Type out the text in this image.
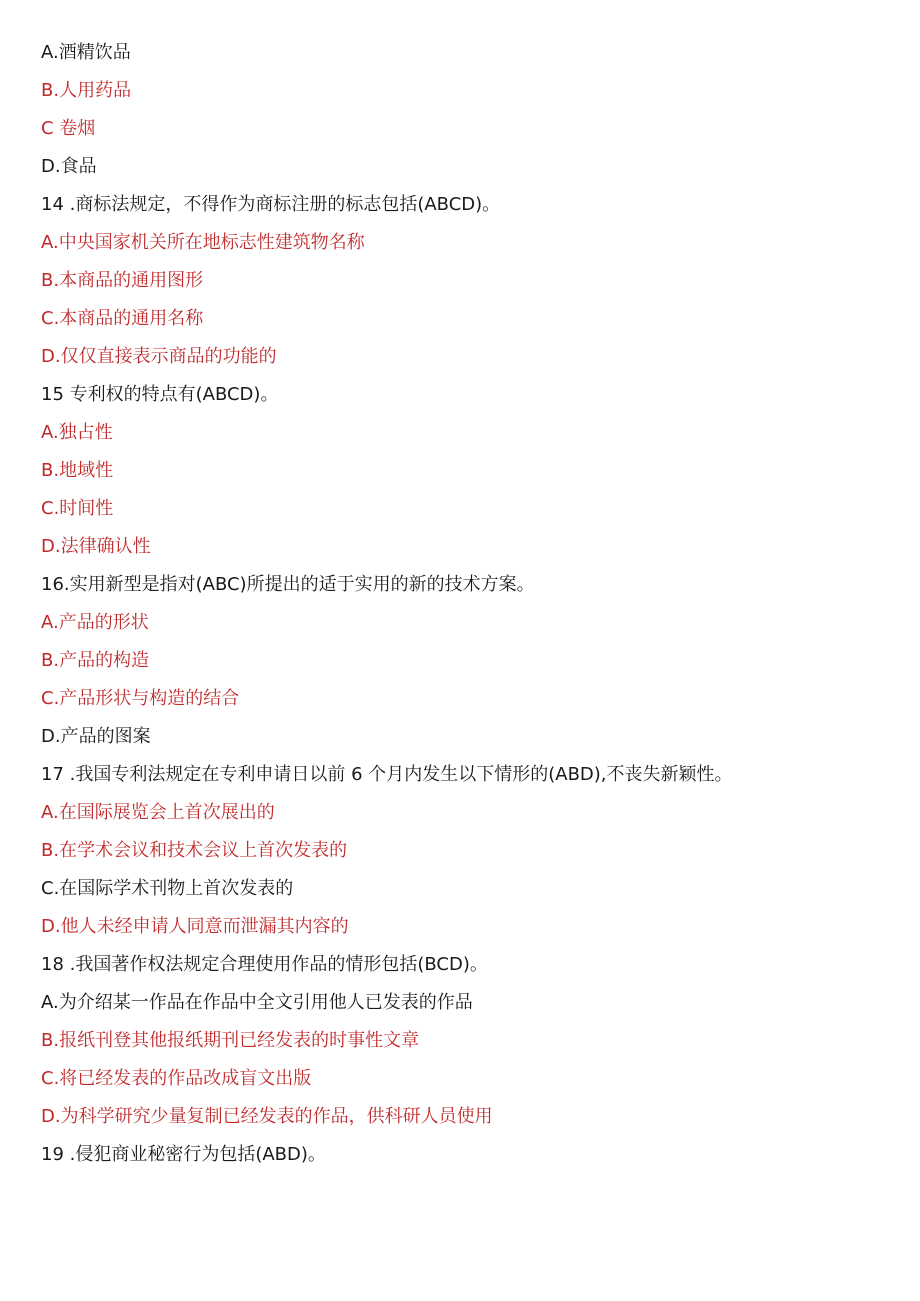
A.酒精饮品
B.人用药品
C 卷烟
D.食品
14 .商标法规定，不得作为商标注册的标志包括(ABCD)。
A.中央国家机关所在地标志性建筑物名称
B.本商品的通用图形
C.本商品的通用名称
D.仅仅直接表示商品的功能的
15 专利权的特点有(ABCD)。
A.独占性
B.地域性
C.时间性
D.法律确认性
16.实用新型是指对(ABC)所提出的适于实用的新的技术方案。
A.产品的形状
B.产品的构造
C.产品形状与构造的结合
D.产品的图案
17 .我国专利法规定在专利申请日以前 6 个月内发生以下情形的(ABD),不丧失新颖性。
A.在国际展览会上首次展出的
B.在学术会议和技术会议上首次发表的
C.在国际学术刊物上首次发表的
D.他人未经申请人同意而泄漏其内容的
18 .我国著作权法规定合理使用作品的情形包括(BCD)。
A.为介绍某一作品在作品中全文引用他人已发表的作品
B.报纸刊登其他报纸期刊已经发表的时事性文章
C.将已经发表的作品改成盲文出版
D.为科学研究少量复制已经发表的作品，供科研人员使用
19 .侵犯商业秘密行为包括(ABD)。
